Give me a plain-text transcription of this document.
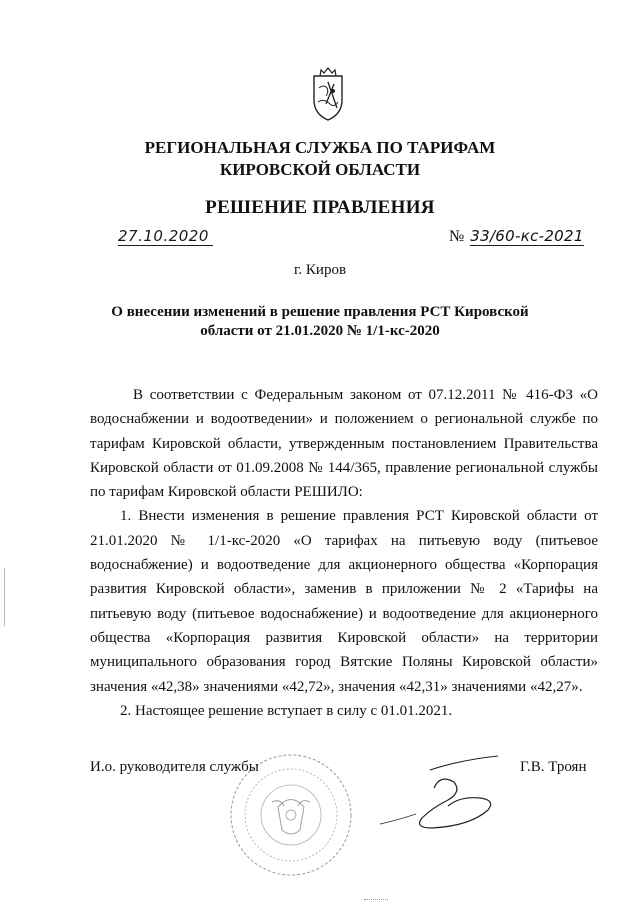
РЕГИОНАЛЬНАЯ СЛУЖБА ПО ТАРИФАМ
КИРОВСКОЙ ОБЛАСТИ
РЕШЕНИЕ ПРАВЛЕНИЯ
27.10.2020	№ 33/60-кс-2021
г. Киров
О внесении изменений в решение правления РСТ Кировской
области от 21.01.2020 № 1/1-кс-2020

В соответствии с Федеральным законом от 07.12.2011 № 416-ФЗ «О водоснабжении и водоотведении» и положением о региональной службе по тарифам Кировской области, утвержденным постановлением Правительства Кировской области от 01.09.2008 № 144/365, правление региональной службы по тарифам Кировской области РЕШИЛО:

1. Внести изменения в решение правления РСТ Кировской области от 21.01.2020 № 1/1-кс-2020 «О тарифах на питьевую воду (питьевое водоснабжение) и водоотведение для акционерного общества «Корпорация развития Кировской области», заменив в приложении № 2 «Тарифы на питьевую воду (питьевое водоснабжение) и водоотведение для акционерного общества «Корпорация развития Кировской области» на территории муниципального образования город Вятские Поляны Кировской области» значения «42,38» значениями «42,72», значения «42,31» значениями «42,27».

2. Настоящее решение вступает в силу с 01.01.2021.

И.о. руководителя службы	Г.В. Троян
